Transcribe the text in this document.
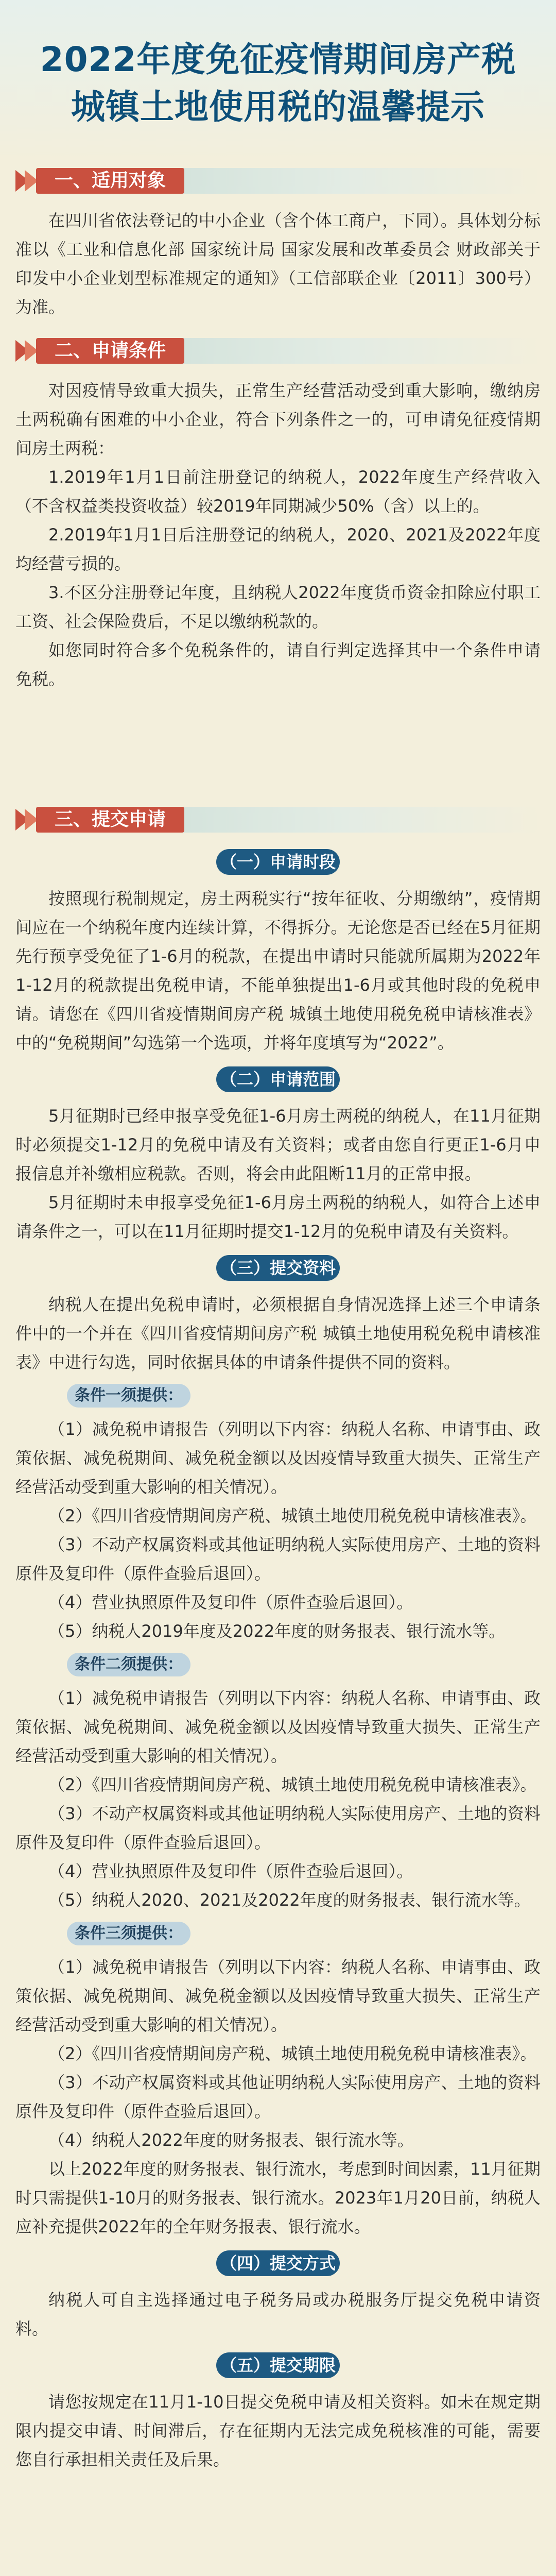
2022年度免征疫情期间房产税
城镇土地使用税的温馨提示
一、适用对象

在四川省依法登记的中小企业（含个体工商户，下同）。具体划分标准以《工业和信息化部 国家统计局 国家发展和改革委员会 财政部关于印发中小企业划型标准规定的通知》（工信部联企业〔2011〕300号）为准。

二、申请条件

对因疫情导致重大损失，正常生产经营活动受到重大影响，缴纳房土两税确有困难的中小企业，符合下列条件之一的，可申请免征疫情期间房土两税：

1.2019年1月1日前注册登记的纳税人，2022年度生产经营收入（不含权益类投资收益）较2019年同期减少50%（含）以上的。

2.2019年1月1日后注册登记的纳税人，2020、2021及2022年度均经营亏损的。

3.不区分注册登记年度，且纳税人2022年度货币资金扣除应付职工工资、社会保险费后，不足以缴纳税款的。

如您同时符合多个免税条件的，请自行判定选择其中一个条件申请免税。

三、提交申请
（一）申请时段

按照现行税制规定，房土两税实行“按年征收、分期缴纳”，疫情期间应在一个纳税年度内连续计算，不得拆分。无论您是否已经在5月征期先行预享受免征了1-6月的税款，在提出申请时只能就所属期为2022年1-12月的税款提出免税申请，不能单独提出1-6月或其他时段的免税申请。请您在《四川省疫情期间房产税 城镇土地使用税免税申请核准表》中的“免税期间”勾选第一个选项，并将年度填写为“2022”。

（二）申请范围

5月征期时已经申报享受免征1-6月房土两税的纳税人，在11月征期时必须提交1-12月的免税申请及有关资料；或者由您自行更正1-6月申报信息并补缴相应税款。否则，将会由此阻断11月的正常申报。

5月征期时未申报享受免征1-6月房土两税的纳税人，如符合上述申请条件之一，可以在11月征期时提交1-12月的免税申请及有关资料。

（三）提交资料

纳税人在提出免税申请时，必须根据自身情况选择上述三个申请条件中的一个并在《四川省疫情期间房产税 城镇土地使用税免税申请核准表》中进行勾选，同时依据具体的申请条件提供不同的资料。

条件一须提供：

（1）减免税申请报告（列明以下内容：纳税人名称、申请事由、政策依据、减免税期间、减免税金额以及因疫情导致重大损失、正常生产经营活动受到重大影响的相关情况）。

（2）《四川省疫情期间房产税、城镇土地使用税免税申请核准表》。

（3）不动产权属资料或其他证明纳税人实际使用房产、土地的资料原件及复印件（原件查验后退回）。

（4）营业执照原件及复印件（原件查验后退回）。

（5）纳税人2019年度及2022年度的财务报表、银行流水等。

条件二须提供：

（1）减免税申请报告（列明以下内容：纳税人名称、申请事由、政策依据、减免税期间、减免税金额以及因疫情导致重大损失、正常生产经营活动受到重大影响的相关情况）。

（2）《四川省疫情期间房产税、城镇土地使用税免税申请核准表》。

（3）不动产权属资料或其他证明纳税人实际使用房产、土地的资料原件及复印件（原件查验后退回）。

（4）营业执照原件及复印件（原件查验后退回）。

（5）纳税人2020、2021及2022年度的财务报表、银行流水等。

条件三须提供：

（1）减免税申请报告（列明以下内容：纳税人名称、申请事由、政策依据、减免税期间、减免税金额以及因疫情导致重大损失、正常生产经营活动受到重大影响的相关情况）。

（2）《四川省疫情期间房产税、城镇土地使用税免税申请核准表》。

（3）不动产权属资料或其他证明纳税人实际使用房产、土地的资料原件及复印件（原件查验后退回）。

（4）纳税人2022年度的财务报表、银行流水等。

以上2022年度的财务报表、银行流水，考虑到时间因素，11月征期时只需提供1-10月的财务报表、银行流水。2023年1月20日前，纳税人应补充提供2022年的全年财务报表、银行流水。

（四）提交方式

纳税人可自主选择通过电子税务局或办税服务厅提交免税申请资料。

（五）提交期限

请您按规定在11月1-10日提交免税申请及相关资料。如未在规定期限内提交申请、时间滞后，存在征期内无法完成免税核准的可能，需要您自行承担相关责任及后果。
